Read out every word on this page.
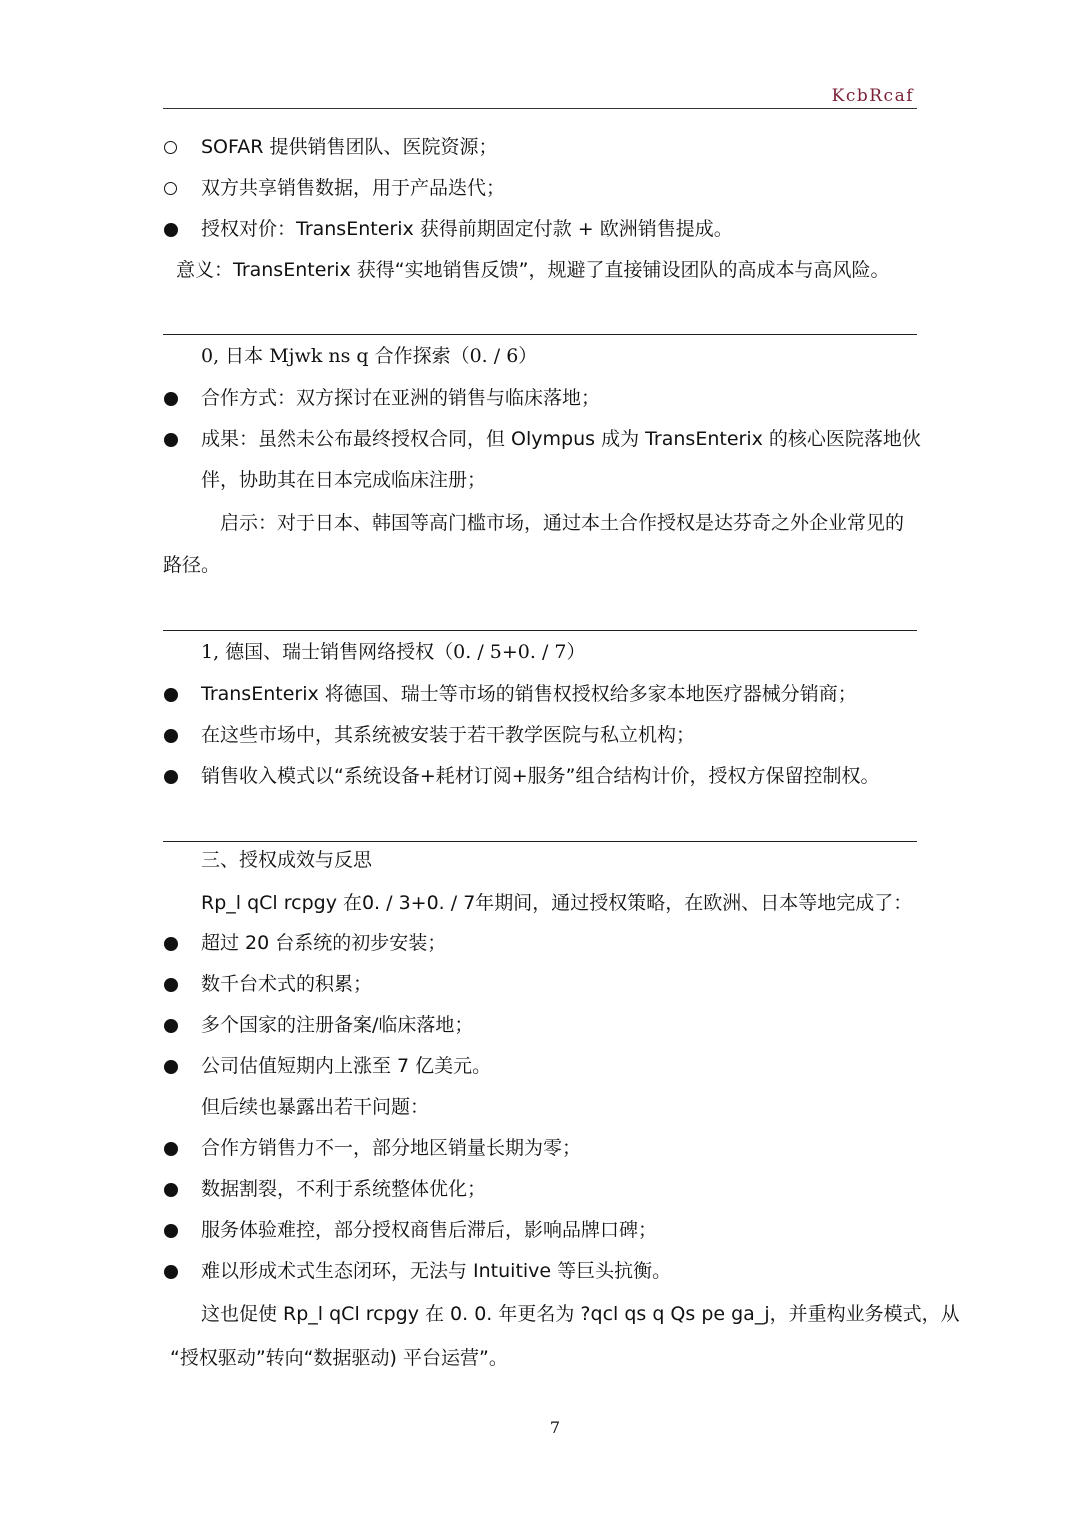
KcbRcaf
SOFAR 提供销售团队、医院资源；
双方共享销售数据，用于产品迭代；
授权对价：TransEnterix 获得前期固定付款 + 欧洲销售提成。
意义：TransEnterix 获得“实地销售反馈”，规避了直接铺设团队的高成本与高风险。
0, 日本 Mjwk ns q 合作探索（0. / 6）
合作方式：双方探讨在亚洲的销售与临床落地；
成果：虽然未公布最终授权合同，但 Olympus 成为 TransEnterix 的核心医院落地伙
伴，协助其在日本完成临床注册；
启示：对于日本、韩国等高门槛市场，通过本土合作授权是达芬奇之外企业常见的
路径。
1, 德国、瑞士销售网络授权（0. / 5+0. / 7）
TransEnterix 将德国、瑞士等市场的销售权授权给多家本地医疗器械分销商；
在这些市场中，其系统被安装于若干教学医院与私立机构；
销售收入模式以“系统设备+耗材订阅+服务”组合结构计价，授权方保留控制权。
三、授权成效与反思
Rp_l qCl rcpgy 在0. / 3+0. / 7年期间，通过授权策略，在欧洲、日本等地完成了：
超过 20 台系统的初步安装；
数千台术式的积累；
多个国家的注册备案/临床落地；
公司估值短期内上涨至 7 亿美元。
但后续也暴露出若干问题：
合作方销售力不一，部分地区销量长期为零；
数据割裂，不利于系统整体优化；
服务体验难控，部分授权商售后滞后，影响品牌口碑；
难以形成术式生态闭环，无法与 Intuitive 等巨头抗衡。
这也促使 Rp_l qCl rcpgy 在 0. 0. 年更名为 ?qcl qs q Qs pe ga_j，并重构业务模式，从
“授权驱动”转向“数据驱动) 平台运营”。
7
